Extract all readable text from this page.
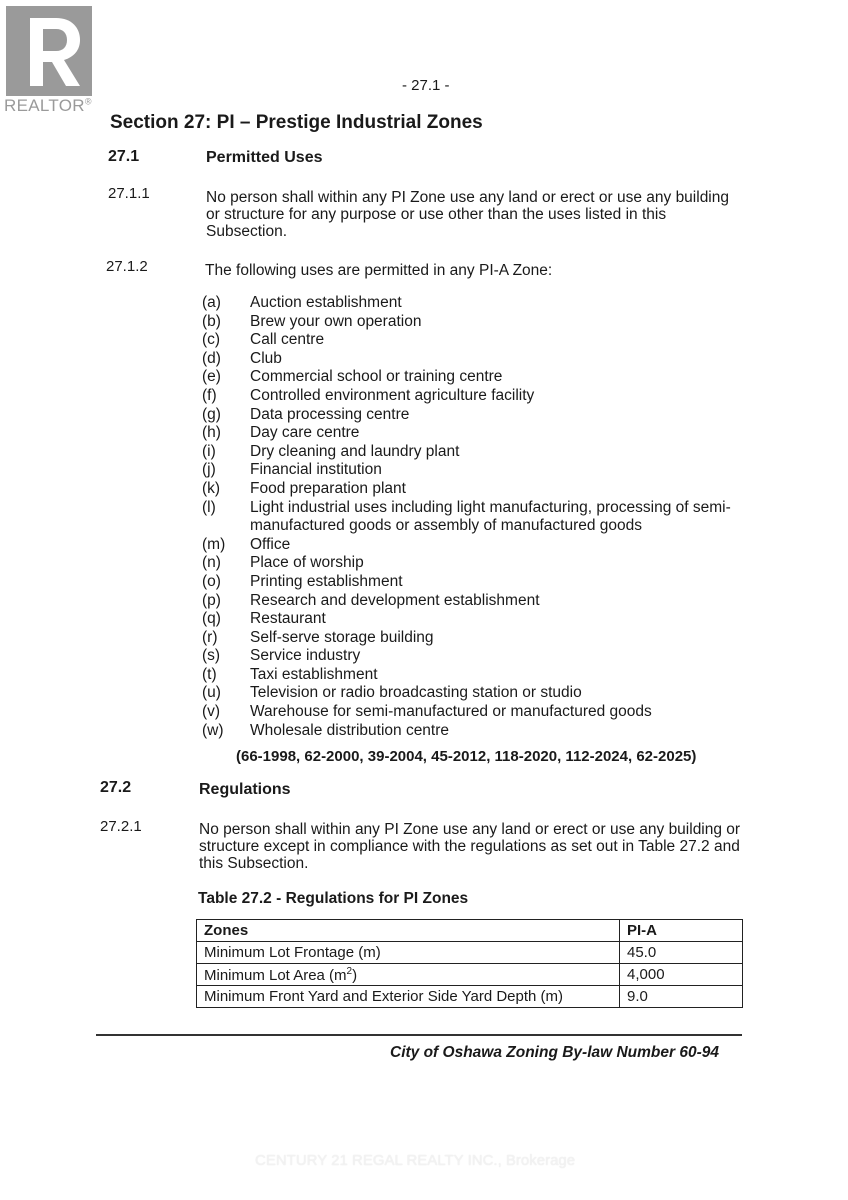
REALTOR®
- 27.1 -
Section 27: PI – Prestige Industrial Zones
27.1	Permitted Uses
27.1.1	No person shall within any PI Zone use any land or erect or use any building or structure for any purpose or use other than the uses listed in this Subsection.
27.1.2	The following uses are permitted in any PI-A Zone:
(a)	Auction establishment
(b)	Brew your own operation
(c)	Call centre
(d)	Club
(e)	Commercial school or training centre
(f)	Controlled environment agriculture facility
(g)	Data processing centre
(h)	Day care centre
(i)	Dry cleaning and laundry plant
(j)	Financial institution
(k)	Food preparation plant
(l)	Light industrial uses including light manufacturing, processing of semi-manufactured goods or assembly of manufactured goods
(m)	Office
(n)	Place of worship
(o)	Printing establishment
(p)	Research and development establishment
(q)	Restaurant
(r)	Self-serve storage building
(s)	Service industry
(t)	Taxi establishment
(u)	Television or radio broadcasting station or studio
(v)	Warehouse for semi-manufactured or manufactured goods
(w)	Wholesale distribution centre
(66-1998, 62-2000, 39-2004, 45-2012, 118-2020, 112-2024, 62-2025)
27.2	Regulations
27.2.1	No person shall within any PI Zone use any land or erect or use any building or structure except in compliance with the regulations as set out in Table 27.2 and this Subsection.
Table 27.2 - Regulations for PI Zones
Zones	PI-A
Minimum Lot Frontage (m)	45.0
Minimum Lot Area $(m^2)$	4,000
Minimum Front Yard and Exterior Side Yard Depth (m)	9.0
City of Oshawa Zoning By-law Number 60-94
CENTURY 21 REGAL REALTY INC., Brokerage
